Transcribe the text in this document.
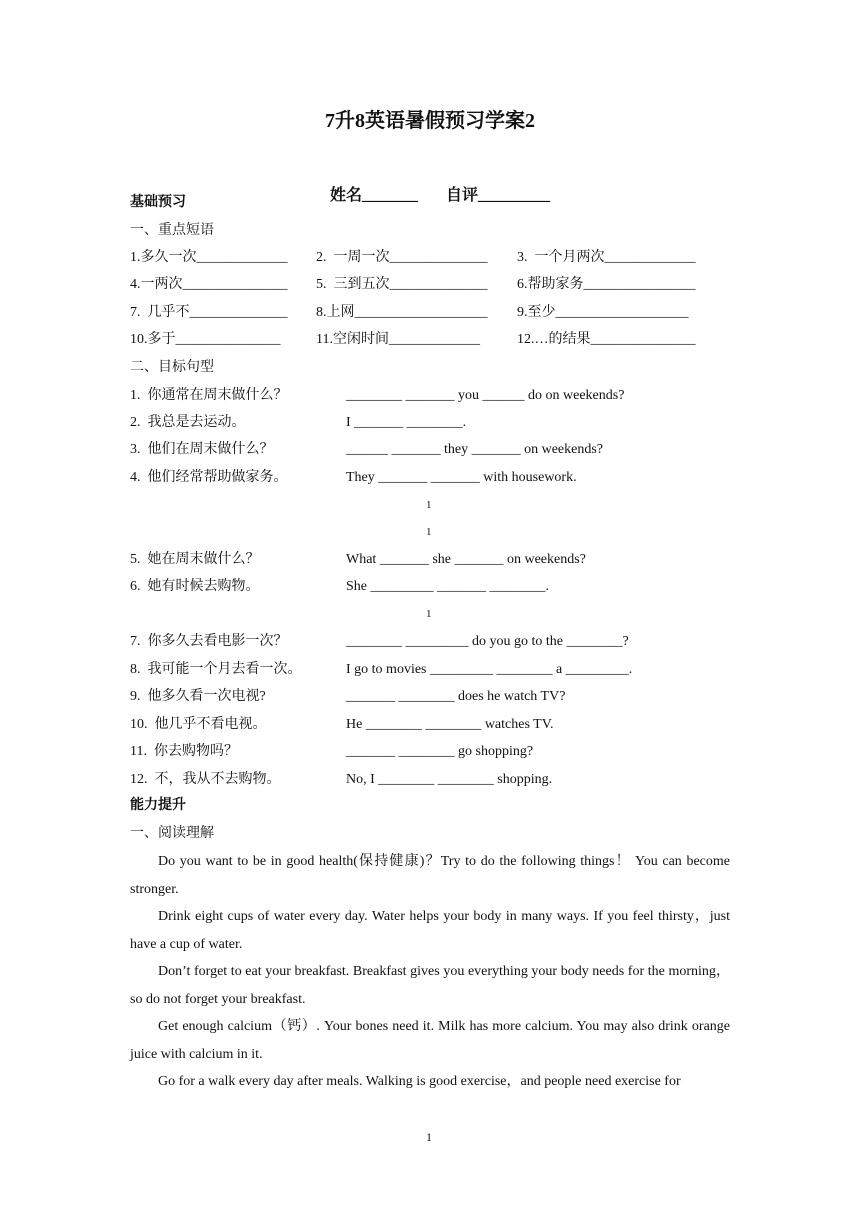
7升8英语暑假预习学案2

姓名_______ 自评_________

基础预习
一、重点短语
1.多久一次_____________ 2.  一周一次______________ 3.  一个月两次_____________
4.一两次_______________ 5.  三到五次______________ 6.帮助家务________________
7.  几乎不______________ 8.上网___________________ 9.至少___________________
10.多于_______________	11.空闲时间_____________	12.…的结果_______________
二、目标句型
1.  你通常在周末做什么？	________ _______ you ______ do on weekends?
2.  我总是去运动。	I _______ ________.
3.  他们在周末做什么？	______ _______ they _______ on weekends?
4.  他们经常帮助做家务。	They _______ _______ with housework.
1
1
5.  她在周末做什么？	What _______ she _______ on weekends?
6.  她有时候去购物。	She _________ _______ ________.
1
7.  你多久去看电影一次？	________ _________ do you go to the ________?
8.  我可能一个月去看一次。	I go to movies _________ ________ a _________.
9.  他多久看一次电视?	_______ ________ does he watch TV?
10.  他几乎不看电视。	He ________ ________ watches TV.
11.  你去购物吗？	_______ ________ go shopping?
12.  不，我从不去购物。	No, I ________ ________ shopping.
能力提升
一、阅读理解
Do you want to be in good health(保持健康)？Try to do the following things！ You can become stronger.
Drink eight cups of water every day. Water helps your body in many ways. If you feel thirsty，just have a cup of water.
Don’t forget to eat your breakfast. Breakfast gives you everything your body needs for the morning，so do not forget your breakfast.
Get enough calcium（钙）. Your bones need it. Milk has more calcium. You may also drink orange juice with calcium in it.
Go for a walk every day after meals. Walking is good exercise，and people need exercise for
1
